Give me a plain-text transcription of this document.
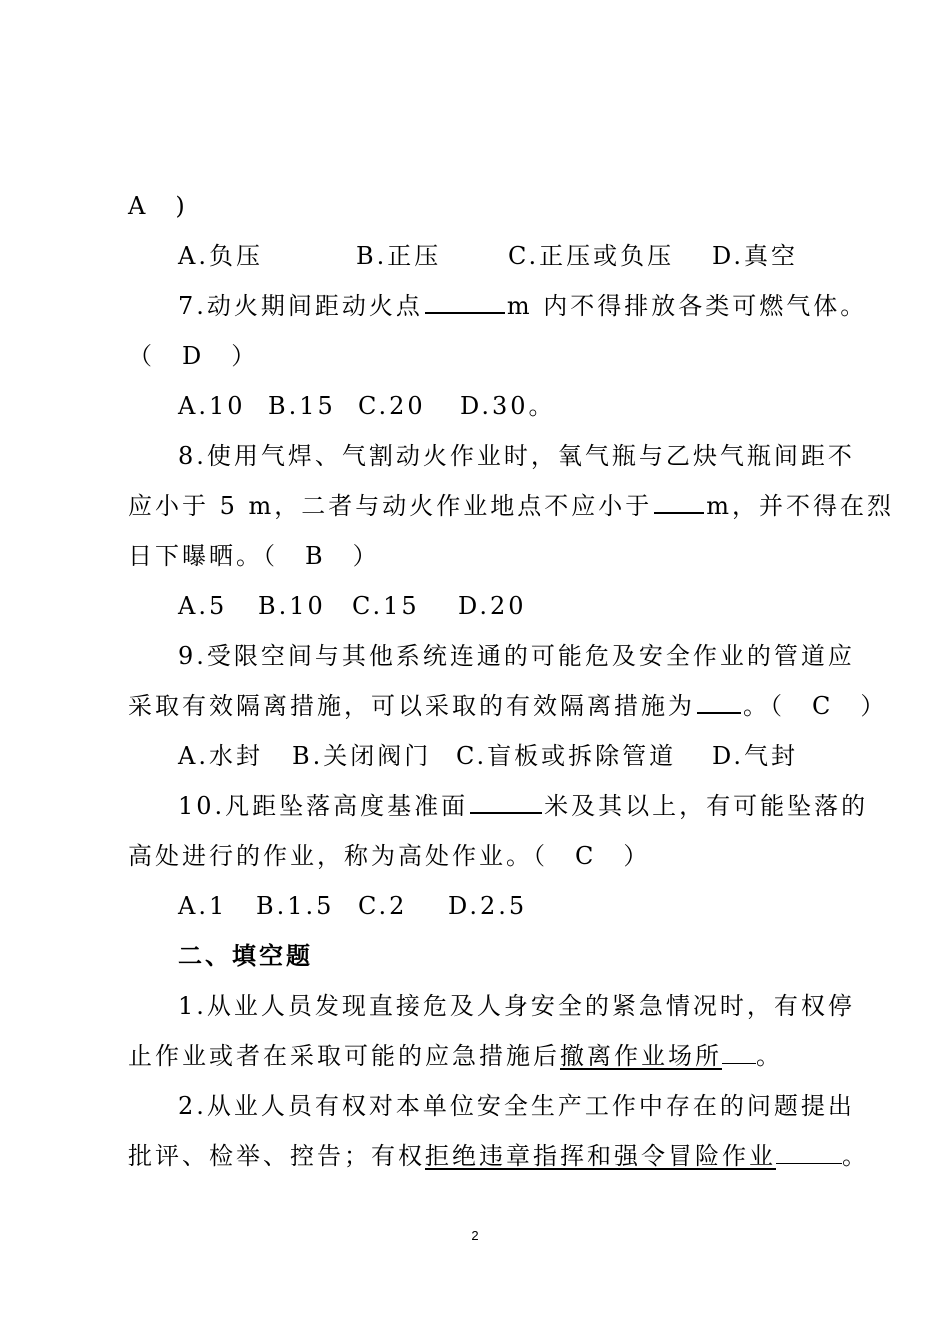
A　)
A.负压	B.正压	C.正压或负压 D.真空
7.动火期间距动火点	m 内不得排放各类可燃气体。
（　D　）
A.10 B.15 C.20 D.30。
8.使用气焊、气割动火作业时，氧气瓶与乙炔气瓶间距不
应小于 5 m，二者与动火作业地点不应小于 m，并不得在烈
日下曝晒。（　B　）
A.5 B.10 C.15 D.20
9.受限空间与其他系统连通的可能危及安全作业的管道应
采取有效隔离措施，可以采取的有效隔离措施为 。（　C　）
A.水封 B.关闭阀门 C.盲板或拆除管道 D.气封
10.凡距坠落高度基准面	米及其以上，有可能坠落的
高处进行的作业，称为高处作业。（　C　）
A.1 B.1.5 C.2 D.2.5
二、填空题
1.从业人员发现直接危及人身安全的紧急情况时，有权停
止作业或者在采取可能的应急措施后撤离作业场所 。
2.从业人员有权对本单位安全生产工作中存在的问题提出
批评、检举、控告；有权拒绝违章指挥和强令冒险作业	。
2
